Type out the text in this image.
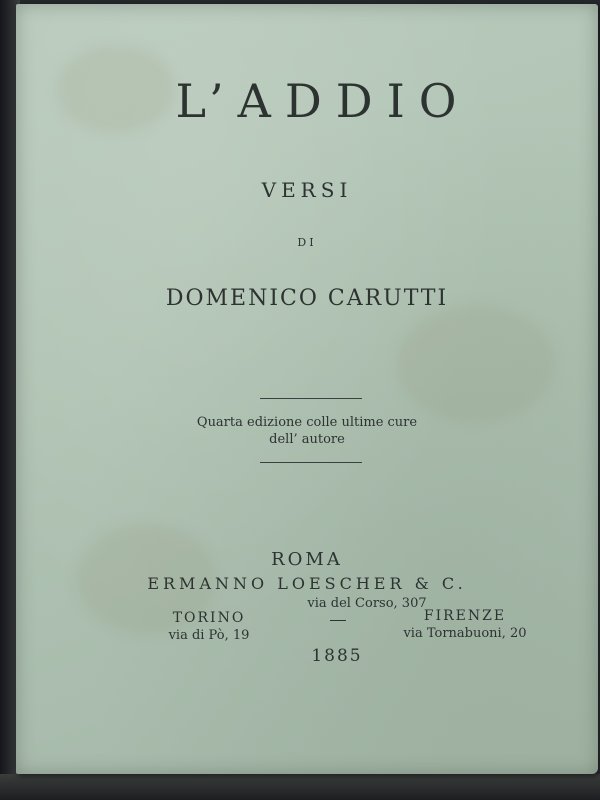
L’ADDIO
VERSI
DI
DOMENICO CARUTTI
Quarta edizione colle ultime cure
dell’ autore
ROMA
ERMANNO LOESCHER & C.
via del Corso, 307
TORINO
via di Pò, 19
FIRENZE
via Tornabuoni, 20
1885
